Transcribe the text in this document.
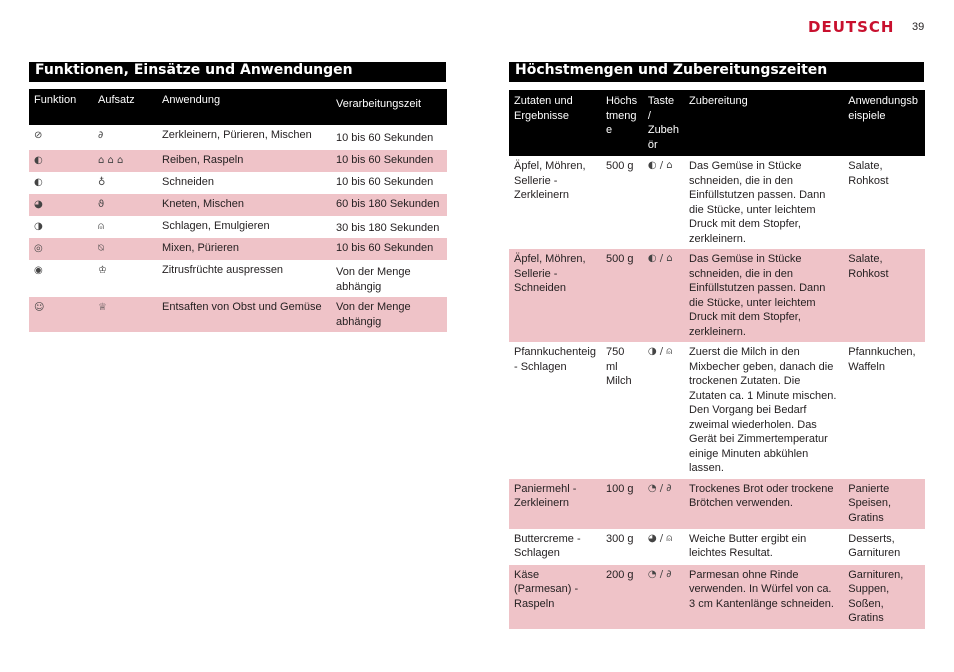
DEUTSCH 39
Funktionen, Einsätze und Anwendungen
Funktion	Aufsatz	Anwendung	Verarbeitungszeit
⊘	∂	Zerkleinern, Pürieren, Mischen	10 bis 60 Sekunden
◐	⌂ ⌂ ⌂	Reiben, Raspeln	10 bis 60 Sekunden
◐	♁	Schneiden	10 bis 60 Sekunden
◕	ϑ	Kneten, Mischen	60 bis 180 Sekunden
◑	⍝	Schlagen, Emulgieren	30 bis 180 Sekunden
◎	⍉	Mixen, Pürieren	10 bis 60 Sekunden
◉	♔	Zitrusfrüchte auspressen	Von der Menge abhängig
☺	♕	Entsaften von Obst und Gemüse	Von der Menge abhängig
Höchstmengen und Zubereitungszeiten
Zutaten und Ergebnisse	Höchs tmeng e	Taste / Zubeh ör	Zubereitung	Anwendungsb eispiele
Äpfel, Möhren, Sellerie - Zerkleinern	500 g	◐ / ⌂	Das Gemüse in Stücke schneiden, die in den Einfüllstutzen passen. Dann die Stücke, unter leichtem Druck mit dem Stopfer, zerkleinern.	Salate, Rohkost
Äpfel, Möhren, Sellerie - Schneiden	500 g	◐ / ⌂	Das Gemüse in Stücke schneiden, die in den Einfüllstutzen passen. Dann die Stücke, unter leichtem Druck mit dem Stopfer, zerkleinern.	Salate, Rohkost
Pfannkuchenteig - Schlagen	750 ml Milch	◑ / ⍝	Zuerst die Milch in den Mixbecher geben, danach die trockenen Zutaten. Die Zutaten ca. 1 Minute mischen. Den Vorgang bei Bedarf zweimal wiederholen. Das Gerät bei Zimmertemperatur einige Minuten abkühlen lassen.	Pfannkuchen, Waffeln
Paniermehl - Zerkleinern	100 g	◔ / ∂	Trockenes Brot oder trockene Brötchen verwenden.	Panierte Speisen, Gratins
Buttercreme - Schlagen	300 g	◕ / ⍝	Weiche Butter ergibt ein leichtes Resultat.	Desserts, Garnituren
Käse (Parmesan) - Raspeln	200 g	◔ / ∂	Parmesan ohne Rinde verwenden. In Würfel von ca. 3 cm Kantenlänge schneiden.	Garnituren, Suppen, Soßen, Gratins
